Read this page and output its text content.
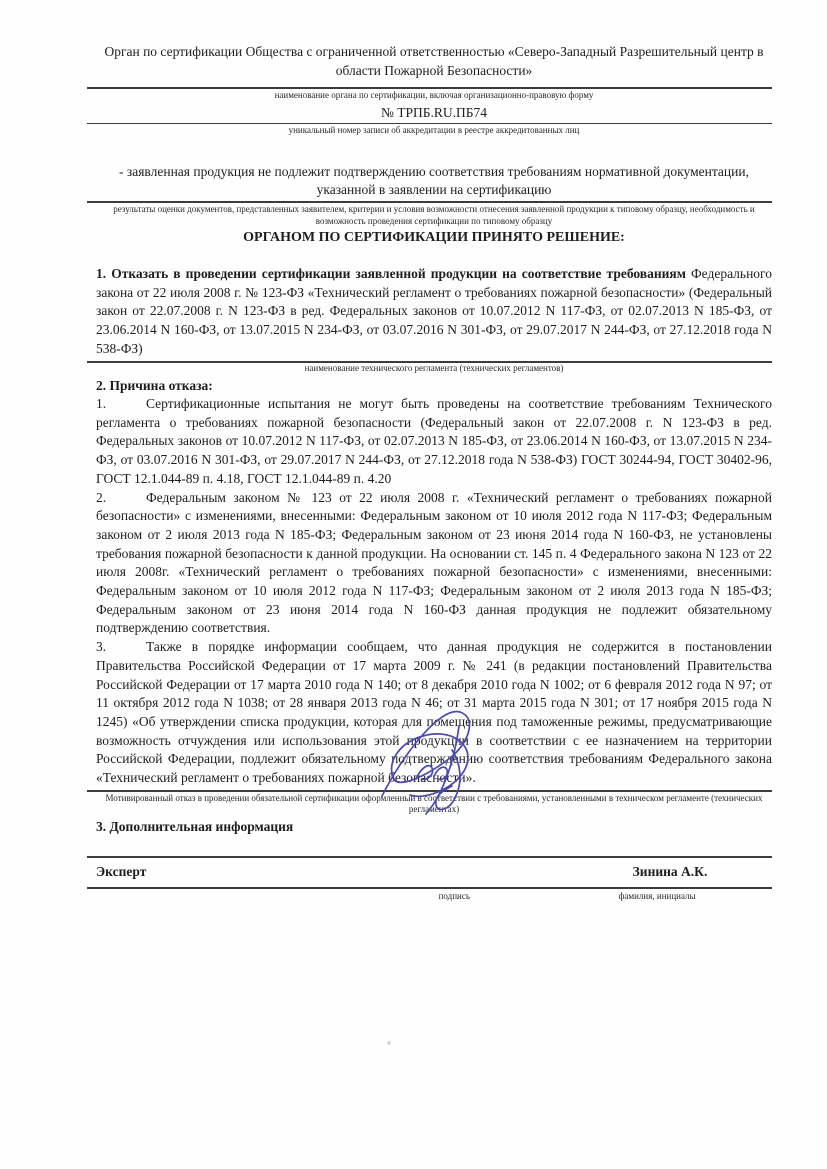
Орган по сертификации Общества с ограниченной ответственностью «Северо-Западный Разрешительный центр в области Пожарной Безопасности»
наименование органа по сертификации, включая организационно-правовую форму
№ ТРПБ.RU.ПБ74
уникальный номер записи об аккредитации в реестре аккредитованных лиц
- заявленная продукция не подлежит подтверждению соответствия требованиям нормативной документации, указанной в заявлении на сертификацию
результаты оценки документов, представленных заявителем, критерии и условия возможности отнесения заявленной продукции к типовому образцу, необходимость и возможность проведения сертификации по типовому образцу
ОРГАНОМ ПО СЕРТИФИКАЦИИ ПРИНЯТО РЕШЕНИЕ:

1. Отказать в проведении сертификации заявленной продукции на соответствие требованиям Федерального закона от 22 июля 2008 г. № 123-ФЗ «Технический регламент о требованиях пожарной безопасности» (Федеральный закон от 22.07.2008 г. N 123-ФЗ в ред. Федеральных законов от 10.07.2012 N 117-ФЗ, от 02.07.2013 N 185-ФЗ, от 23.06.2014 N 160-ФЗ, от 13.07.2015 N 234-ФЗ, от 03.07.2016 N 301-ФЗ, от 29.07.2017 N 244-ФЗ, от 27.12.2018 года N 538-ФЗ)

наименование технического регламента (технических регламентов)
2. Причина отказа:

1.	Сертификационные испытания не могут быть проведены на соответствие требованиям Технического регламента о требованиях пожарной безопасности (Федеральный закон от 22.07.2008 г. N 123-ФЗ в ред. Федеральных законов от 10.07.2012 N 117-ФЗ, от 02.07.2013 N 185-ФЗ, от 23.06.2014 N 160-ФЗ, от 13.07.2015 N 234-ФЗ, от 03.07.2016 N 301-ФЗ, от 29.07.2017 N 244-ФЗ, от 27.12.2018 года N 538-ФЗ) ГОСТ 30244-94, ГОСТ 30402-96, ГОСТ 12.1.044-89 п. 4.18, ГОСТ 12.1.044-89 п. 4.20

2.	Федеральным законом № 123 от 22 июля 2008 г. «Технический регламент о требованиях пожарной безопасности» с изменениями, внесенными: Федеральным законом от 10 июля 2012 года N 117-ФЗ; Федеральным законом от 2 июля 2013 года N 185-ФЗ; Федеральным законом от 23 июня 2014 года N 160-ФЗ, не установлены требования пожарной безопасности к данной продукции. На основании ст. 145 п. 4 Федерального закона N 123 от 22 июля 2008г. «Технический регламент о требованиях пожарной безопасности» с изменениями, внесенными: Федеральным законом от 10 июля 2012 года N 117-ФЗ; Федеральным законом от 2 июля 2013 года N 185-ФЗ; Федеральным законом от 23 июня 2014 года N 160-ФЗ данная продукция не подлежит обязательному подтверждению соответствия.

3.	Также в порядке информации сообщаем, что данная продукция не содержится в постановлении Правительства Российской Федерации от 17 марта 2009 г. № 241 (в редакции постановлений Правительства Российской Федерации от 17 марта 2010 года N 140; от 8 декабря 2010 года N 1002; от 6 февраля 2012 года N 97; от 11 октября 2012 года N 1038; от 28 января 2013 года N 46; от 31 марта 2015 года N 301; от 17 ноября 2015 года N 1245) «Об утверждении списка продукции, которая для помещения под таможенные режимы, предусматривающие возможность отчуждения или использования этой продукции в соответствии с ее назначением на территории Российской Федерации, подлежит обязательному подтверждению соответствия требованиям Федерального закона «Технический регламент о требованиях пожарной безопасности».

Мотивированный отказ в проведении обязательной сертификации оформленный в соответствии с требованиями, установленными в техническом регламенте (технических регламентах)
3. Дополнительная информация
Эксперт	Зинина А.К.
подпись	фамилия, инициалы
